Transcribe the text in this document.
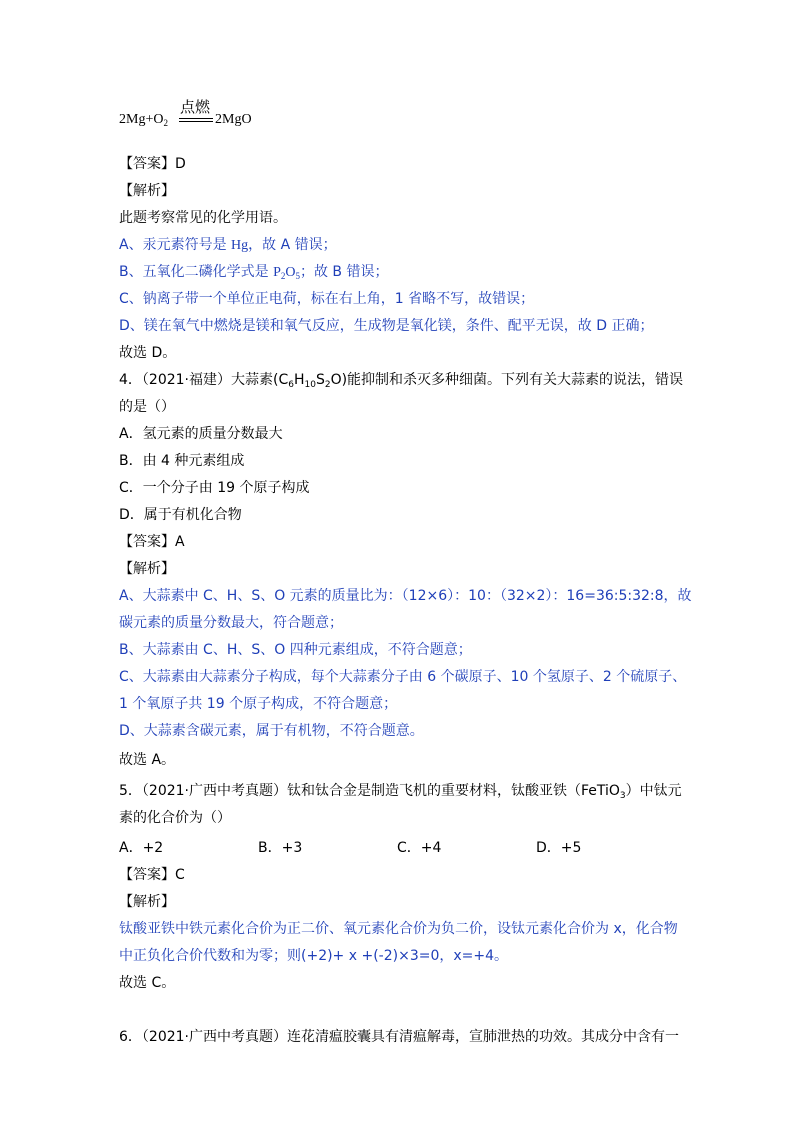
$2Mg+O_2$
点燃
2MgO
【答案】D
【解析】
此题考察常见的化学用语。
A、汞元素符号是 Hg，故 A 错误；
B、五氧化二磷化学式是 $P_2O_5$；故 B 错误；
C、钠离子带一个单位正电荷，标在右上角，1 省略不写，故错误；
D、镁在氧气中燃烧是镁和氧气反应，生成物是氧化镁，条件、配平无误，故 D 正确；
故选 D。
4．（2021·福建）大蒜素$(C_6H_{10}S_2O)$能抑制和杀灭多种细菌。下列有关大蒜素的说法，错误
的是（）
A．氢元素的质量分数最大
B．由 4 种元素组成
C．一个分子由 19 个原子构成
D．属于有机化合物
【答案】A
【解析】
A、大蒜素中 C、H、S、O 元素的质量比为：（12×6）：10：（32×2）：16=36:5:32:8，故
碳元素的质量分数最大，符合题意；
B、大蒜素由 C、H、S、O 四种元素组成，不符合题意；
C、大蒜素由大蒜素分子构成，每个大蒜素分子由 6 个碳原子、10 个氢原子、2 个硫原子、
1 个氧原子共 19 个原子构成，不符合题意；
D、大蒜素含碳元素，属于有机物，不符合题意。
故选 A。
5．（2021·广西中考真题）钛和钛合金是制造飞机的重要材料，钛酸亚铁（FeTiO$_3$）中钛元
素的化合价为（）
A．+2	B．+3	C．+4	D．+5
【答案】C
【解析】
钛酸亚铁中铁元素化合价为正二价、氧元素化合价为负二价，设钛元素化合价为 x，化合物
中正负化合价代数和为零；则(+2)+ x +(-2)×3=0，x=+4。
故选 C。
6．（2021·广西中考真题）连花清瘟胶囊具有清瘟解毒，宣肺泄热的功效。其成分中含有一
